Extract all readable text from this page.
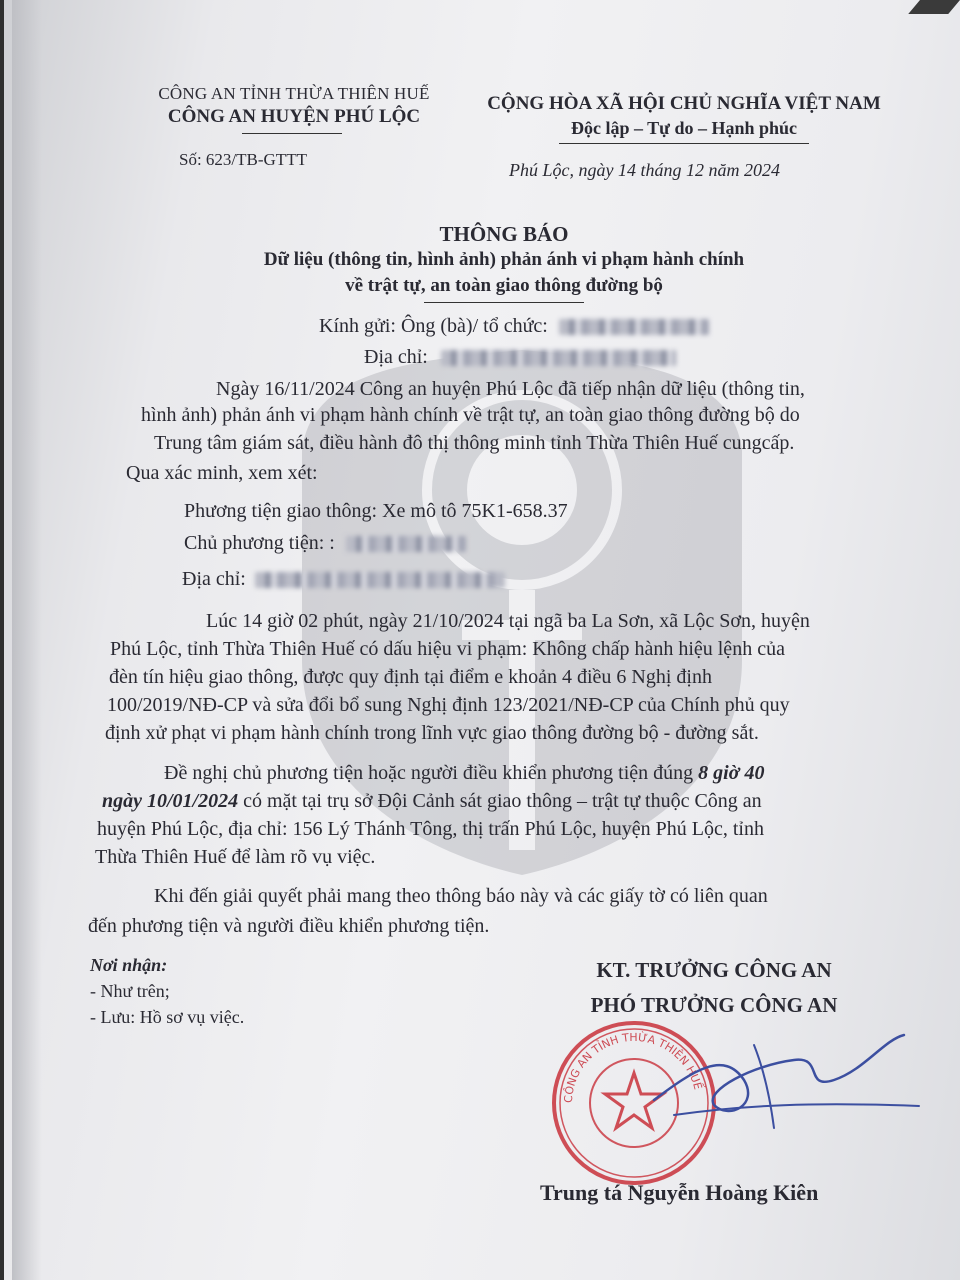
CÔNG AN TỈNH THỪA THIÊN HUẾ
CÔNG AN HUYỆN PHÚ LỘC
Số: 623/TB-GTTT
CỘNG HÒA XÃ HỘI CHỦ NGHĨA VIỆT NAM
Độc lập – Tự do – Hạnh phúc
Phú Lộc, ngày 14 tháng 12 năm 2024
THÔNG BÁO
Dữ liệu (thông tin, hình ảnh) phản ánh vi phạm hành chính
về trật tự, an toàn giao thông đường bộ
Kính gửi: Ông (bà)/ tổ chức:
Địa chỉ:
Ngày 16/11/2024 Công an huyện Phú Lộc đã tiếp nhận dữ liệu (thông tin,
hình ảnh) phản ánh vi phạm hành chính về trật tự, an toàn giao thông đường bộ do
Trung tâm giám sát, điều hành đô thị thông minh tỉnh Thừa Thiên Huế cungcấp.
Qua xác minh, xem xét:
Phương tiện giao thông: Xe mô tô 75K1-658.37
Chủ phương tiện: :
Địa chỉ:
Lúc 14 giờ 02 phút, ngày 21/10/2024 tại ngã ba La Sơn, xã Lộc Sơn, huyện
Phú Lộc, tỉnh Thừa Thiên Huế có dấu hiệu vi phạm: Không chấp hành hiệu lệnh của
đèn tín hiệu giao thông, được quy định tại điểm e khoản 4 điều 6 Nghị định
100/2019/NĐ-CP và sửa đổi bổ sung Nghị định 123/2021/NĐ-CP của Chính phủ quy
định xử phạt vi phạm hành chính trong lĩnh vực giao thông đường bộ - đường sắt.
Đề nghị chủ phương tiện hoặc người điều khiển phương tiện đúng 8 giờ 40
ngày 10/01/2024 có mặt tại trụ sở Đội Cảnh sát giao thông – trật tự thuộc Công an
huyện Phú Lộc, địa chỉ: 156 Lý Thánh Tông, thị trấn Phú Lộc, huyện Phú Lộc, tỉnh
Thừa Thiên Huế để làm rõ vụ việc.
Khi đến giải quyết phải mang theo thông báo này và các giấy tờ có liên quan
đến phương tiện và người điều khiển phương tiện.
Nơi nhận:
- Như trên;
- Lưu: Hồ sơ vụ việc.
KT. TRƯỞNG CÔNG AN
PHÓ TRƯỞNG CÔNG AN
CÔNG AN TỈNH THỪA THIÊN HUẾ
Trung tá Nguyễn Hoàng Kiên
